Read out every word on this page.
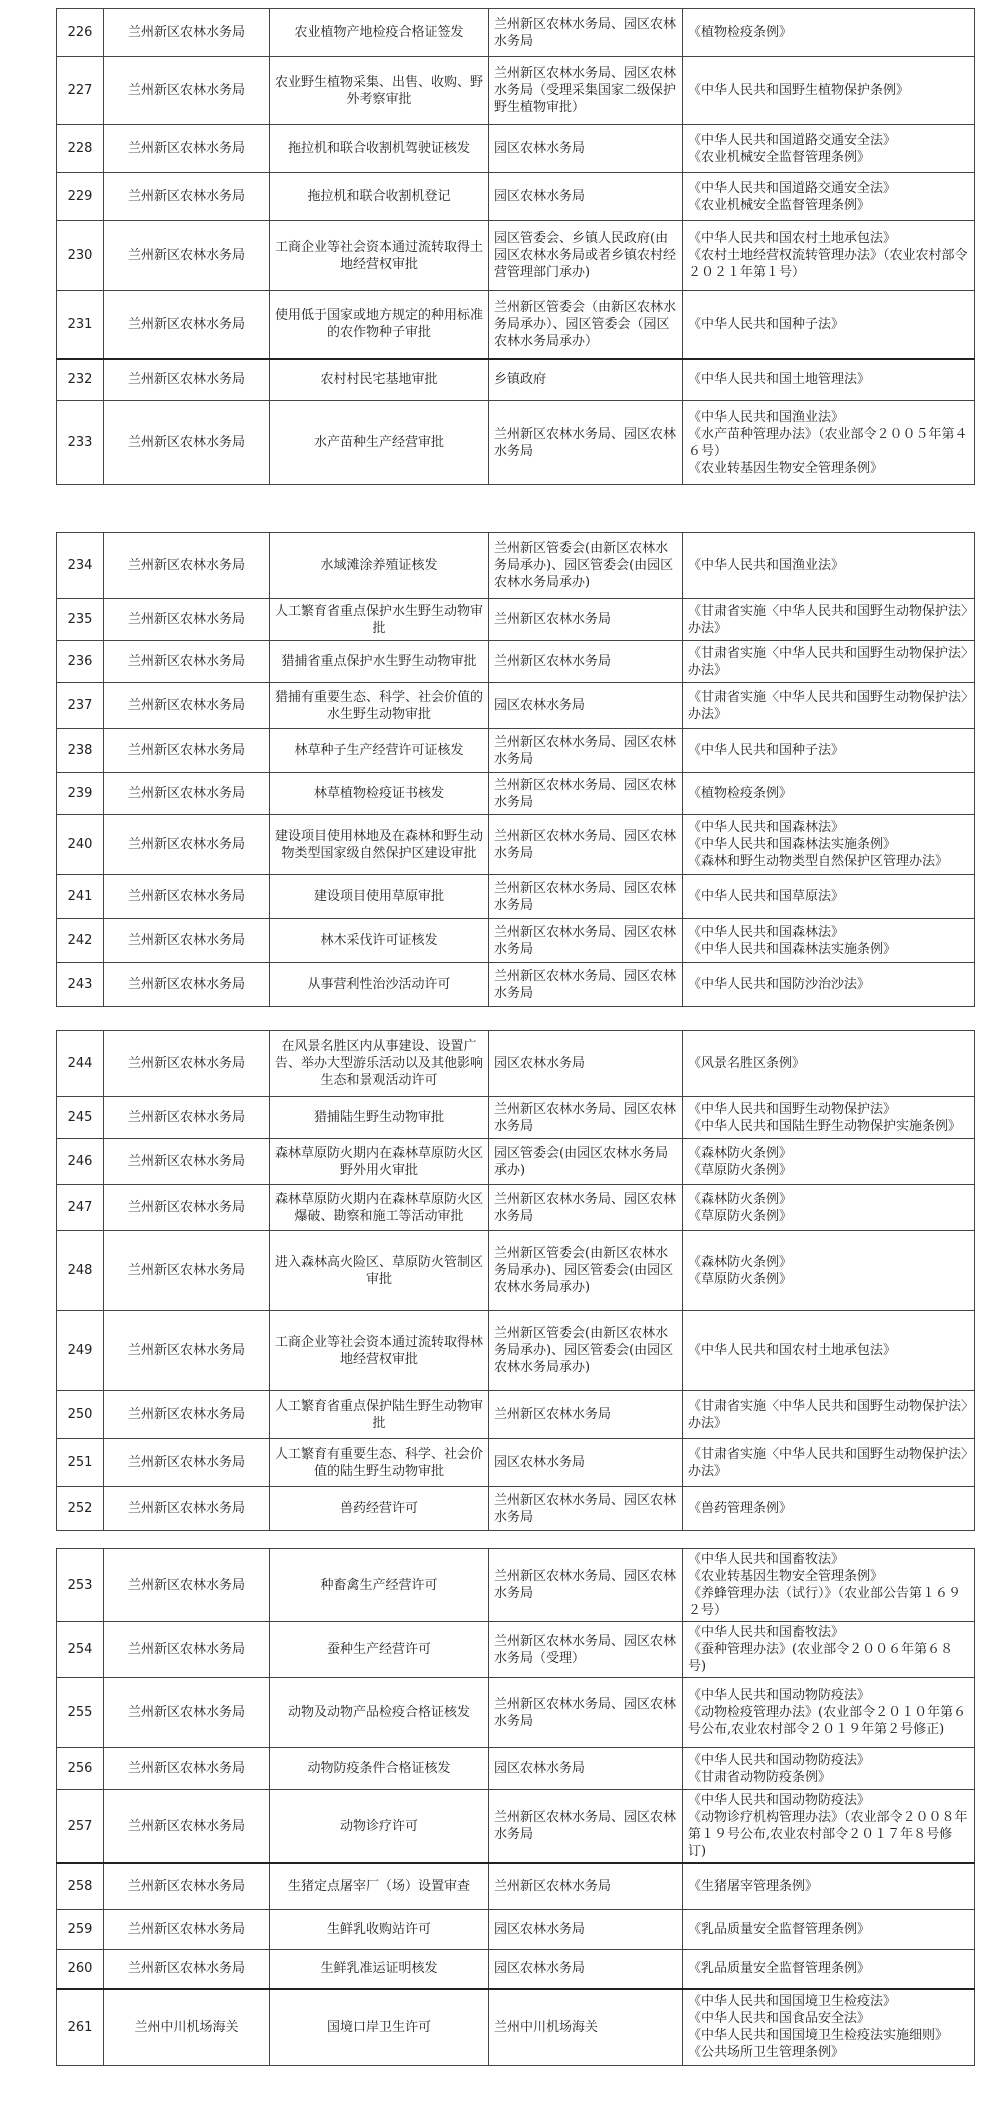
226	兰州新区农林水务局	农业植物产地检疫合格证签发	兰州新区农林水务局、园区农林水务局	《植物检疫条例》
227	兰州新区农林水务局	农业野生植物采集、出售、收购、野外考察审批	兰州新区农林水务局、园区农林水务局（受理采集国家二级保护野生植物审批）	《中华人民共和国野生植物保护条例》
228	兰州新区农林水务局	拖拉机和联合收割机驾驶证核发	园区农林水务局	《中华人民共和国道路交通安全法》
《农业机械安全监督管理条例》
229	兰州新区农林水务局	拖拉机和联合收割机登记	园区农林水务局	《中华人民共和国道路交通安全法》
《农业机械安全监督管理条例》
230	兰州新区农林水务局	工商企业等社会资本通过流转取得土地经营权审批	园区管委会、乡镇人民政府(由园区农林水务局或者乡镇农村经营管理部门承办)	《中华人民共和国农村土地承包法》
《农村土地经营权流转管理办法》（农业农村部令２０２１年第１号）
231	兰州新区农林水务局	使用低于国家或地方规定的种用标准的农作物种子审批	兰州新区管委会（由新区农林水务局承办）、园区管委会（园区农林水务局承办）	《中华人民共和国种子法》
232	兰州新区农林水务局	农村村民宅基地审批	乡镇政府	《中华人民共和国土地管理法》
233	兰州新区农林水务局	水产苗种生产经营审批	兰州新区农林水务局、园区农林水务局	《中华人民共和国渔业法》
《水产苗种管理办法》（农业部令２００５年第４６号）
《农业转基因生物安全管理条例》
234	兰州新区农林水务局	水域滩涂养殖证核发	兰州新区管委会(由新区农林水务局承办)、园区管委会(由园区农林水务局承办)	《中华人民共和国渔业法》
235	兰州新区农林水务局	人工繁育省重点保护水生野生动物审批	兰州新区农林水务局	《甘肃省实施〈中华人民共和国野生动物保护法〉办法》
236	兰州新区农林水务局	猎捕省重点保护水生野生动物审批	兰州新区农林水务局	《甘肃省实施〈中华人民共和国野生动物保护法〉办法》
237	兰州新区农林水务局	猎捕有重要生态、科学、社会价值的水生野生动物审批	园区农林水务局	《甘肃省实施〈中华人民共和国野生动物保护法〉办法》
238	兰州新区农林水务局	林草种子生产经营许可证核发	兰州新区农林水务局、园区农林水务局	《中华人民共和国种子法》
239	兰州新区农林水务局	林草植物检疫证书核发	兰州新区农林水务局、园区农林水务局	《植物检疫条例》
240	兰州新区农林水务局	建设项目使用林地及在森林和野生动物类型国家级自然保护区建设审批	兰州新区农林水务局、园区农林水务局	《中华人民共和国森林法》
《中华人民共和国森林法实施条例》
《森林和野生动物类型自然保护区管理办法》
241	兰州新区农林水务局	建设项目使用草原审批	兰州新区农林水务局、园区农林水务局	《中华人民共和国草原法》
242	兰州新区农林水务局	林木采伐许可证核发	兰州新区农林水务局、园区农林水务局	《中华人民共和国森林法》
《中华人民共和国森林法实施条例》
243	兰州新区农林水务局	从事营利性治沙活动许可	兰州新区农林水务局、园区农林水务局	《中华人民共和国防沙治沙法》
244	兰州新区农林水务局	在风景名胜区内从事建设、设置广告、举办大型游乐活动以及其他影响生态和景观活动许可	园区农林水务局	《风景名胜区条例》
245	兰州新区农林水务局	猎捕陆生野生动物审批	兰州新区农林水务局、园区农林水务局	《中华人民共和国野生动物保护法》
《中华人民共和国陆生野生动物保护实施条例》
246	兰州新区农林水务局	森林草原防火期内在森林草原防火区野外用火审批	园区管委会(由园区农林水务局承办)	《森林防火条例》
《草原防火条例》
247	兰州新区农林水务局	森林草原防火期内在森林草原防火区爆破、勘察和施工等活动审批	兰州新区农林水务局、园区农林水务局	《森林防火条例》
《草原防火条例》
248	兰州新区农林水务局	进入森林高火险区、草原防火管制区审批	兰州新区管委会(由新区农林水务局承办)、园区管委会(由园区农林水务局承办)	《森林防火条例》
《草原防火条例》
249	兰州新区农林水务局	工商企业等社会资本通过流转取得林地经营权审批	兰州新区管委会(由新区农林水务局承办)、园区管委会(由园区农林水务局承办)	《中华人民共和国农村土地承包法》
250	兰州新区农林水务局	人工繁育省重点保护陆生野生动物审批	兰州新区农林水务局	《甘肃省实施〈中华人民共和国野生动物保护法〉办法》
251	兰州新区农林水务局	人工繁育有重要生态、科学、社会价值的陆生野生动物审批	园区农林水务局	《甘肃省实施〈中华人民共和国野生动物保护法〉办法》
252	兰州新区农林水务局	兽药经营许可	兰州新区农林水务局、园区农林水务局	《兽药管理条例》
253	兰州新区农林水务局	种畜禽生产经营许可	兰州新区农林水务局、园区农林水务局	《中华人民共和国畜牧法》
《农业转基因生物安全管理条例》
《养蜂管理办法（试行）》（农业部公告第１６９２号）
254	兰州新区农林水务局	蚕种生产经营许可	兰州新区农林水务局、园区农林水务局（受理）	《中华人民共和国畜牧法》
《蚕种管理办法》(农业部令２００６年第６８号)
255	兰州新区农林水务局	动物及动物产品检疫合格证核发	兰州新区农林水务局、园区农林水务局	《中华人民共和国动物防疫法》
《动物检疫管理办法》(农业部令２０１０年第６号公布,农业农村部令２０１９年第２号修正)
256	兰州新区农林水务局	动物防疫条件合格证核发	园区农林水务局	《中华人民共和国动物防疫法》
《甘肃省动物防疫条例》
257	兰州新区农林水务局	动物诊疗许可	兰州新区农林水务局、园区农林水务局	《中华人民共和国动物防疫法》
《动物诊疗机构管理办法》（农业部令２００８年第１９号公布,农业农村部令２０１７年８号修订)
258	兰州新区农林水务局	生猪定点屠宰厂（场）设置审查	兰州新区农林水务局	《生猪屠宰管理条例》
259	兰州新区农林水务局	生鲜乳收购站许可	园区农林水务局	《乳品质量安全监督管理条例》
260	兰州新区农林水务局	生鲜乳准运证明核发	园区农林水务局	《乳品质量安全监督管理条例》
261	兰州中川机场海关	国境口岸卫生许可	兰州中川机场海关	《中华人民共和国国境卫生检疫法》
《中华人民共和国食品安全法》
《中华人民共和国国境卫生检疫法实施细则》
《公共场所卫生管理条例》
